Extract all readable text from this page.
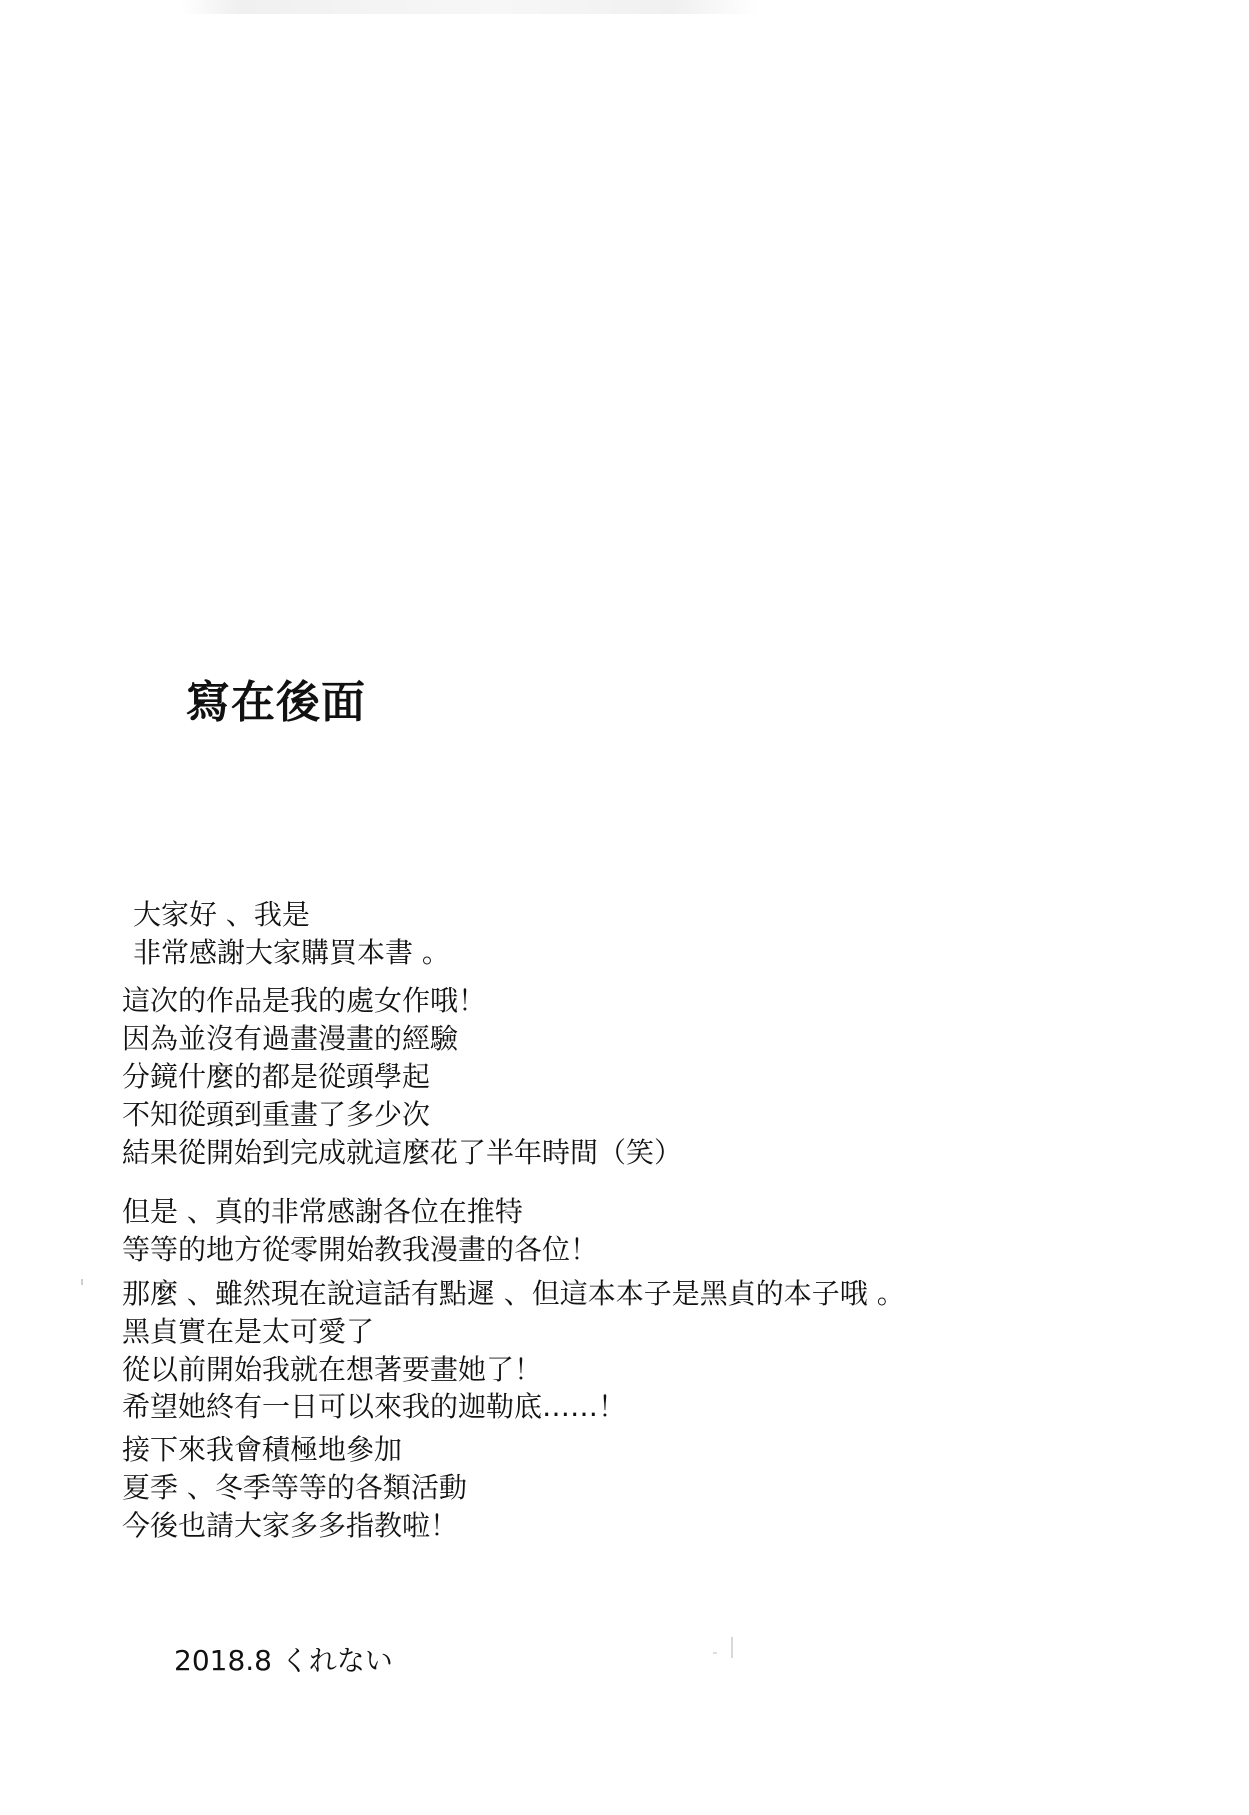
寫在後面

大家好 、我是

非常感謝大家購買本書 。

這次的作品是我的處女作哦！

因為並沒有過畫漫畫的經驗

分鏡什麼的都是從頭學起

不知從頭到重畫了多少次

結果從開始到完成就這麼花了半年時間（笑）

但是 、真的非常感謝各位在推特

等等的地方從零開始教我漫畫的各位！

那麼 、雖然現在說這話有點遲 、但這本本子是黑貞的本子哦 。

黑貞實在是太可愛了

從以前開始我就在想著要畫她了！

希望她終有一日可以來我的迦勒底……！

接下來我會積極地參加

夏季 、冬季等等的各類活動

今後也請大家多多指教啦！

2018.8 くれない
